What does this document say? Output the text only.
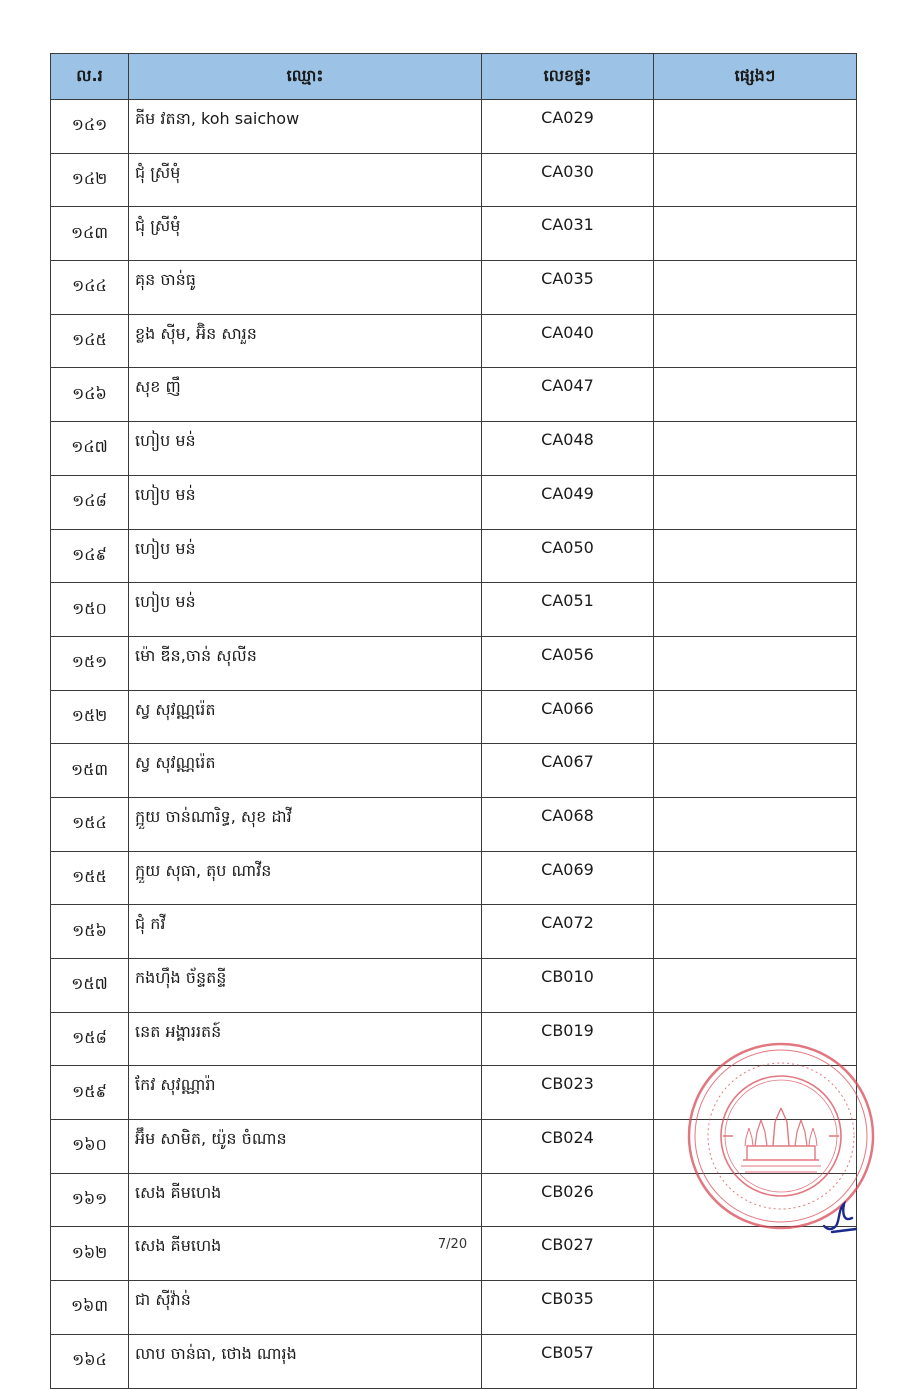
ល.រ	ឈ្មោះ	លេខផ្ទះ	ផ្សេងៗ
១៤១	គីម វតនា, koh saichow	CA029	
១៤២	ជុំ ស្រីមុំ	CA030	
១៤៣	ជុំ ស្រីមុំ	CA031	
១៤៤	គុន ចាន់ធូ	CA035	
១៤៥	ខ្លង ស៊ីម, អ៊ិន សារួន	CA040	
១៤៦	សុខ ញឹ	CA047	
១៤៧	ហៀប មន់	CA048	
១៤៨	ហៀប មន់	CA049	
១៤៩	ហៀប មន់	CA050	
១៥០	ហៀប មន់	CA051	
១៥១	ម៉ោ ឌីន,ចាន់ សុលីន	CA056	
១៥២	ស្វ សុវណ្ណរ៉េត	CA066	
១៥៣	ស្វ សុវណ្ណរ៉េត	CA067	
១៥៤	ក្អួយ ចាន់ណារិទ្ធ, សុខ ដាវី	CA068	
១៥៥	ក្អួយ សុធា, តុប ណាវីន	CA069	
១៥៦	ជុំ កវី	CA072	
១៥៧	កងហ៊ឹង ច័ន្ទតន្ទី	CB010	
១៥៨	នេត អង្គាររតន៍	CB019	
១៥៩	កែវ សុវណ្ណារ៉ា	CB023	
១៦០	អ៊ឹម សាមិត, យ៉ូន ចំណាន	CB024	
១៦១	សេង គីមហេង	CB026	
១៦២	សេង គីមហេង	CB027	
១៦៣	ជា ស៊ីវ៉ាន់	CB035	
១៦៤	លាប ចាន់ធា, ថោង ណារុង	CB057	
7/20
